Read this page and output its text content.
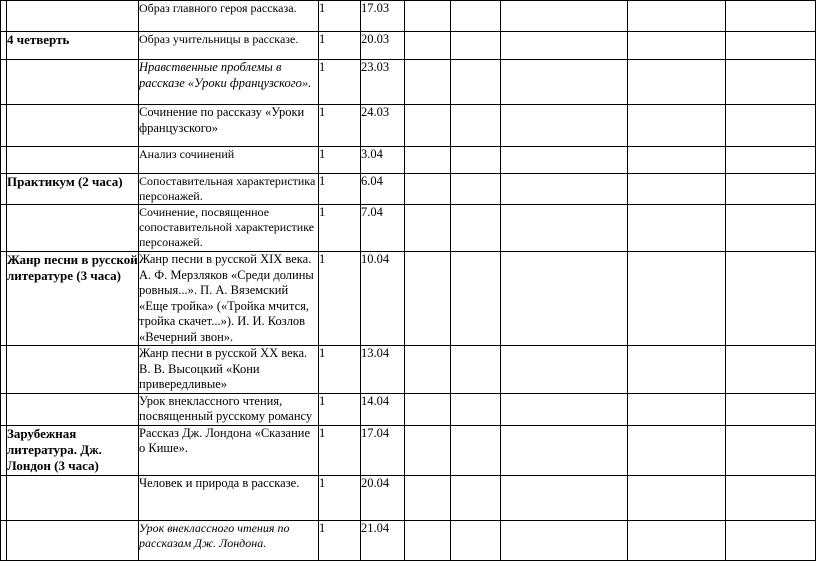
		Образ главного героя рассказа.	1	17.03					
	4 четверть	Образ учительницы в рассказе.	1	20.03					
		Нравственные проблемы в рассказе «Уроки французского».	1	23.03					
		Сочинение по рассказу «Уроки французского»	1	24.03					
		Анализ сочинений	1	3.04					
	Практикум (2 часа)	Сопоставительная характеристика персонажей.	1	6.04					
		Сочинение, посвященное сопоставительной характеристике персонажей.	1	7.04					
	Жанр песни в русской литературе (3 часа)	Жанр песни в русской XIX века. А. Ф. Мерзляков «Среди долины ровныя...». П. А. Вяземский «Еще тройка» («Тройка мчится, тройка скачет...»). И. И. Козлов «Вечерний звон».	1	10.04					
		Жанр песни в русской XX века. В. В. Высоцкий «Кони привередливые»	1	13.04					
		Урок внеклассного чтения, посвященный русскому романсу	1	14.04					
	Зарубежная литература. Дж. Лондон (3 часа)	Рассказ Дж. Лондона «Сказание о Кише».	1	17.04					
		Человек и природа в рассказе.	1	20.04					
		Урок внеклассного чтения по рассказам Дж. Лондона.	1	21.04					
